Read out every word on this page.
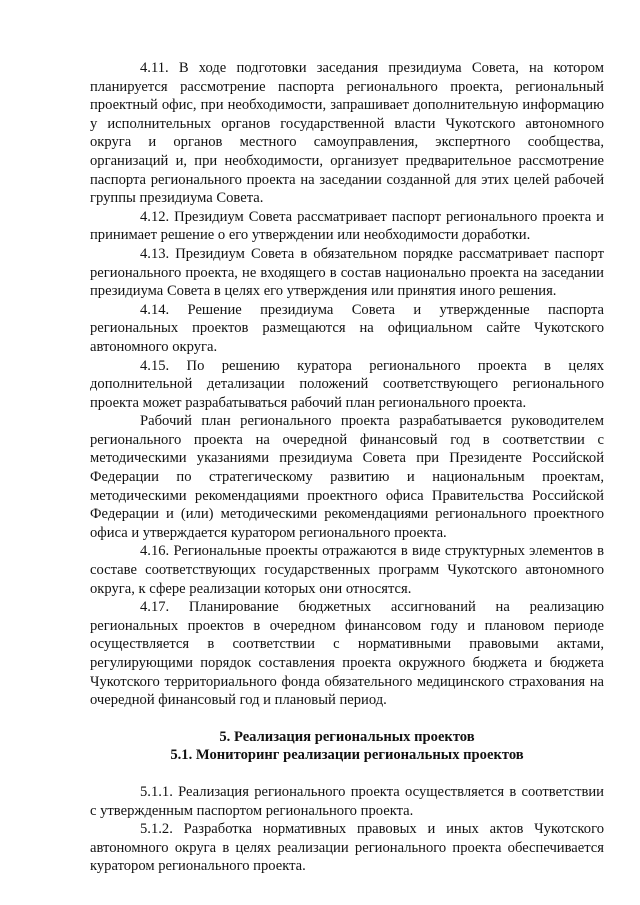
4.11. В ходе подготовки заседания президиума Совета, на котором планируется рассмотрение паспорта регионального проекта, региональный проектный офис, при необходимости, запрашивает дополнительную информацию у исполнительных органов государственной власти Чукотского автономного округа и органов местного самоуправления, экспертного сообщества, организаций и, при необходимости, организует предварительное рассмотрение паспорта регионального проекта на заседании созданной для этих целей рабочей группы президиума Совета.

4.12. Президиум Совета рассматривает паспорт регионального проекта и принимает решение о его утверждении или необходимости доработки.

4.13. Президиум Совета в обязательном порядке рассматривает паспорт регионального проекта, не входящего в состав национально проекта на заседании президиума Совета в целях его утверждения или принятия иного решения.

4.14. Решение президиума Совета и утвержденные паспорта региональных проектов размещаются на официальном сайте Чукотского автономного округа.

4.15. По решению куратора регионального проекта в целях дополнительной детализации положений соответствующего регионального проекта может разрабатываться рабочий план регионального проекта.

Рабочий план регионального проекта разрабатывается руководителем регионального проекта на очередной финансовый год в соответствии с методическими указаниями президиума Совета при Президенте Российской Федерации по стратегическому развитию и национальным проектам, методическими рекомендациями проектного офиса Правительства Российской Федерации и (или) методическими рекомендациями регионального проектного офиса и утверждается куратором регионального проекта.

4.16. Региональные проекты отражаются в виде структурных элементов в составе соответствующих государственных программ Чукотского автономного округа, к сфере реализации которых они относятся.

4.17. Планирование бюджетных ассигнований на реализацию региональных проектов в очередном финансовом году и плановом периоде осуществляется в соответствии с нормативными правовыми актами, регулирующими порядок составления проекта окружного бюджета и бюджета Чукотского территориального фонда обязательного медицинского страхования на очередной финансовый год и плановый период.

5. Реализация региональных проектов

5.1. Мониторинг реализации региональных проектов

5.1.1. Реализация регионального проекта осуществляется в соответствии с утвержденным паспортом регионального проекта.

5.1.2. Разработка нормативных правовых и иных актов Чукотского автономного округа в целях реализации регионального проекта обеспечивается куратором регионального проекта.
